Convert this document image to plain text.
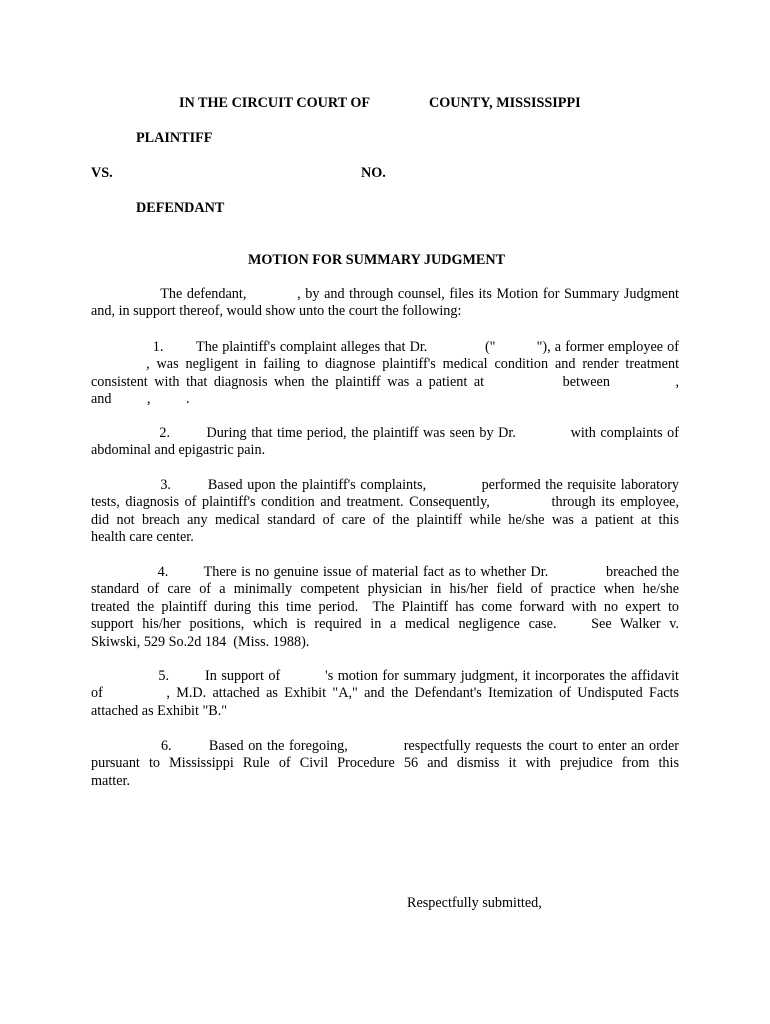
IN THE CIRCUIT COURT OF	COUNTY, MISSISSIPPI
PLAINTIFF
VS.	NO.
DEFENDANT
MOTION FOR SUMMARY JUDGMENT
The defendant,           , by and through counsel, files its Motion for Summary Judgment
and, in support thereof, would show unto the court the following:
1.        The plaintiff's complaint alleges that Dr.              ("          "), a former employee of
, was negligent in failing to diagnose plaintiff's medical condition and render treatment
consistent with that diagnosis when the plaintiff was a patient at            between          ,
and          ,          .
2.        During that time period, the plaintiff was seen by Dr.            with complaints of
abdominal and epigastric pain.
3.        Based upon the plaintiff's complaints,            performed the requisite laboratory
tests, diagnosis of plaintiff's condition and treatment. Consequently,           through its employee,
did not breach any medical standard of care of the plaintiff while he/she was a patient at this
health care center.
4.        There is no genuine issue of material fact as to whether Dr.             breached the
standard of care of a minimally competent physician in his/her field of practice when he/she
treated the plaintiff during this time period.  The Plaintiff has come forward with no expert to
support his/her positions, which is required in a medical negligence case.    See Walker v.
Skiwski, 529 So.2d 184  (Miss. 1988).
5.        In support of          's motion for summary judgment, it incorporates the affidavit
of          , M.D. attached as Exhibit "A," and the Defendant's Itemization of Undisputed Facts
attached as Exhibit "B."
6.        Based on the foregoing,            respectfully requests the court to enter an order
pursuant to Mississippi Rule of Civil Procedure 56 and dismiss it with prejudice from this
matter.
Respectfully submitted,
